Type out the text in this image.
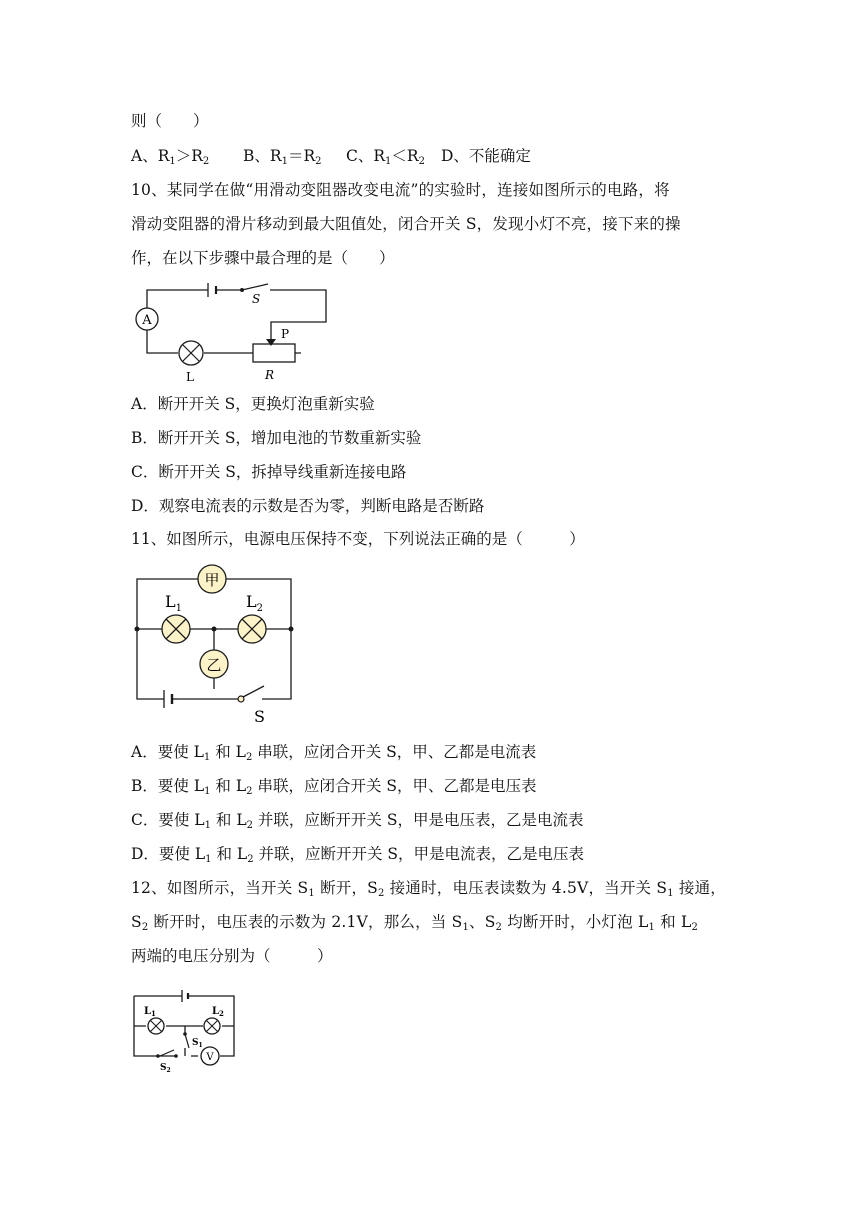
则（　　）
A、$R_1>R_2$ B、$R_1=R_2$ C、$R_1<R_2$ D、不能确定
10、某同学在做“用滑动变阻器改变电流”的实验时，连接如图所示的电路，将
滑动变阻器的滑片移动到最大阻值处，闭合开关 S，发现小灯不亮，接下来的操
作，在以下步骤中最合理的是（　　）
S
A
L
P
R
A．断开开关 S，更换灯泡重新实验
B．断开开关 S，增加电池的节数重新实验
C．断开开关 S，拆掉导线重新连接电路
D．观察电流表的示数是否为零，判断电路是否断路
11、如图所示，电源电压保持不变，下列说法正确的是（　　　）
甲
$L_1$	$L_2$
乙
S
A．要使 $L_1$ 和 $L_2$ 串联，应闭合开关 S，甲、乙都是电流表
B．要使 $L_1$ 和 $L_2$ 串联，应闭合开关 S，甲、乙都是电压表
C．要使 $L_1$ 和 $L_2$ 并联，应断开开关 S，甲是电压表，乙是电流表
D．要使 $L_1$ 和 $L_2$ 并联，应断开开关 S，甲是电流表，乙是电压表
12、如图所示，当开关 $S_1$ 断开，$S_2$ 接通时，电压表读数为 4.5V，当开关 $S_1$ 接通，
$S_2$ 断开时，电压表的示数为 2.1V，那么，当 $S_1$、$S_2$ 均断开时，小灯泡 $L_1$ 和 $L_2$
两端的电压分别为（　　　）
$L_1$	$L_2$
$S_1$
V
$S_2$
